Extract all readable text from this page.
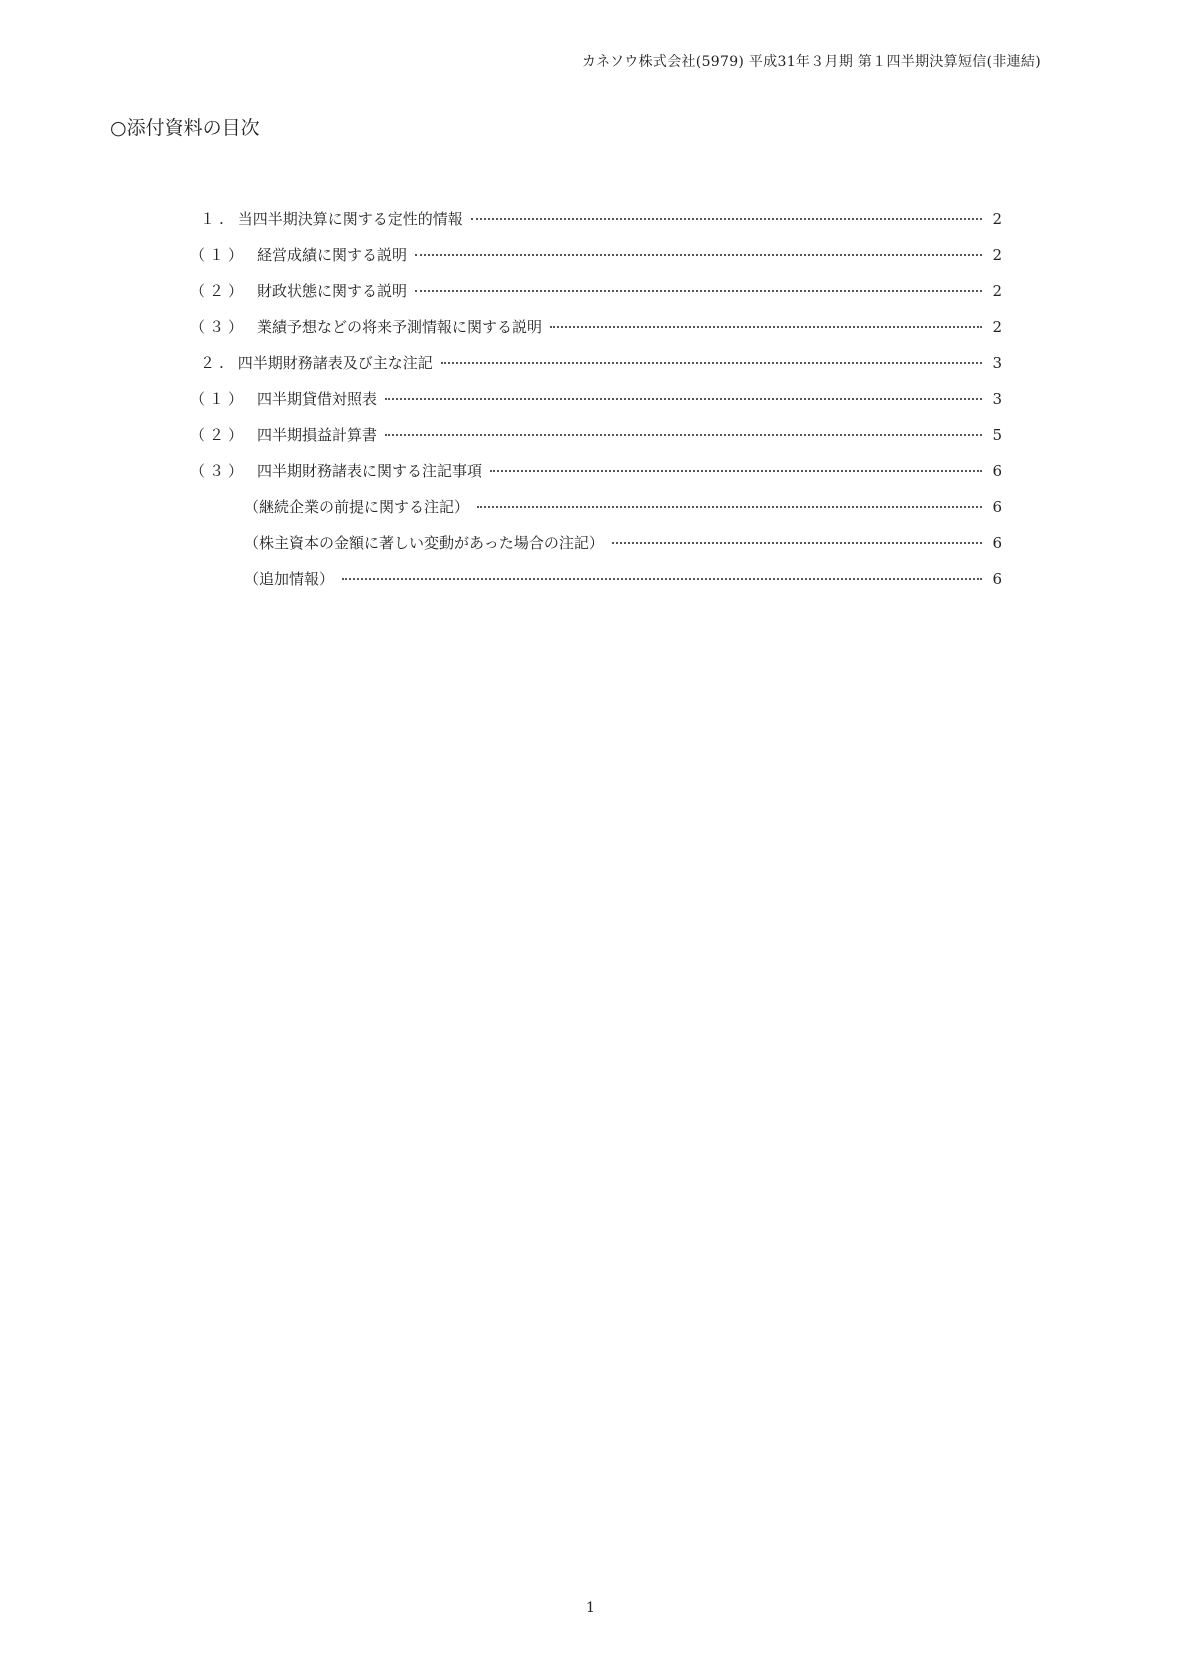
カネソウ株式会社(5979) 平成31年３月期 第１四半期決算短信(非連結)
○添付資料の目次
１. 当四半期決算に関する定性的情報	2
（１） 経営成績に関する説明	2
（２） 財政状態に関する説明	2
（３） 業績予想などの将来予測情報に関する説明	2
２. 四半期財務諸表及び主な注記	3
（１） 四半期貸借対照表	3
（２） 四半期損益計算書	5
（３） 四半期財務諸表に関する注記事項	6
（継続企業の前提に関する注記）	6
（株主資本の金額に著しい変動があった場合の注記）	6
（追加情報）	6
1
